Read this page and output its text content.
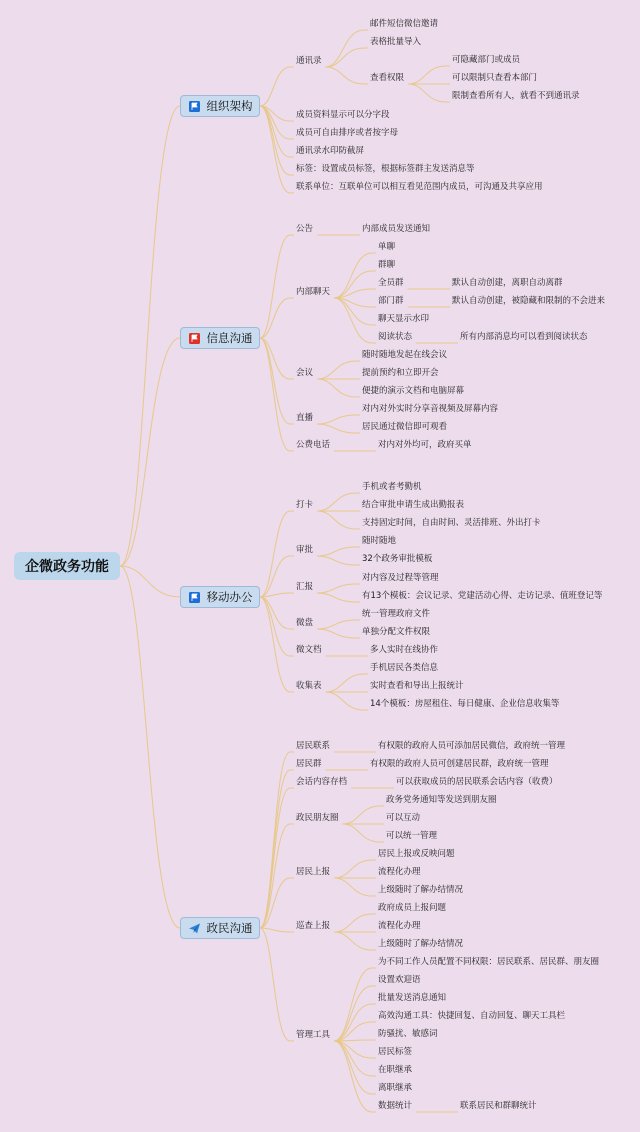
企微政务功能
组织架构
信息沟通
移动办公
政民沟通
通讯录
邮件短信微信邀请
表格批量导入
查看权限
可隐藏部门或成员
可以限制只查看本部门
限制查看所有人，就看不到通讯录
成员资料显示可以分字段
成员可自由排序或者按字母
通讯录水印防截屏
标签：设置成员标签，根据标签群主发送消息等
联系单位：互联单位可以相互看见范围内成员，可沟通及共享应用
公告	内部成员发送通知
内部聊天
单聊
群聊
全员群	默认自动创建，离职自动离群
部门群	默认自动创建，被隐藏和限制的不会进来
聊天显示水印
阅读状态	所有内部消息均可以看到阅读状态
会议
随时随地发起在线会议
提前预约和立即开会
便捷的演示文档和电脑屏幕
直播
对内对外实时分享音视频及屏幕内容
居民通过微信即可观看
公费电话	对内对外均可，政府买单
打卡
手机或者考勤机
结合审批申请生成出勤报表
支持固定时间，自由时间、灵活排班、外出打卡
审批
随时随地
32个政务审批模板
汇报
对内容及过程等管理
有13个模板：会议记录、党建活动心得、走访记录、值班登记等
微盘
统一管理政府文件
单独分配文件权限
微文档	多人实时在线协作
收集表
手机居民各类信息
实时查看和导出上报统计
14个模板：房屋租住、每日健康、企业信息收集等
居民联系	有权限的政府人员可添加居民微信，政府统一管理
居民群	有权限的政府人员可创建居民群，政府统一管理
会话内容存档	可以获取成员的居民联系会话内容（收费）
政民朋友圈
政务党务通知等发送到朋友圈
可以互动
可以统一管理
居民上报
居民上报或反映问题
流程化办理
上级随时了解办结情况
巡查上报
政府成员上报问题
流程化办理
上级随时了解办结情况
管理工具
为不同工作人员配置不同权限：居民联系、居民群、朋友圈
设置欢迎语
批量发送消息通知
高效沟通工具：快捷回复、自动回复、聊天工具栏
防骚扰、敏感词
居民标签
在职继承
离职继承
数据统计	联系居民和群聊统计
